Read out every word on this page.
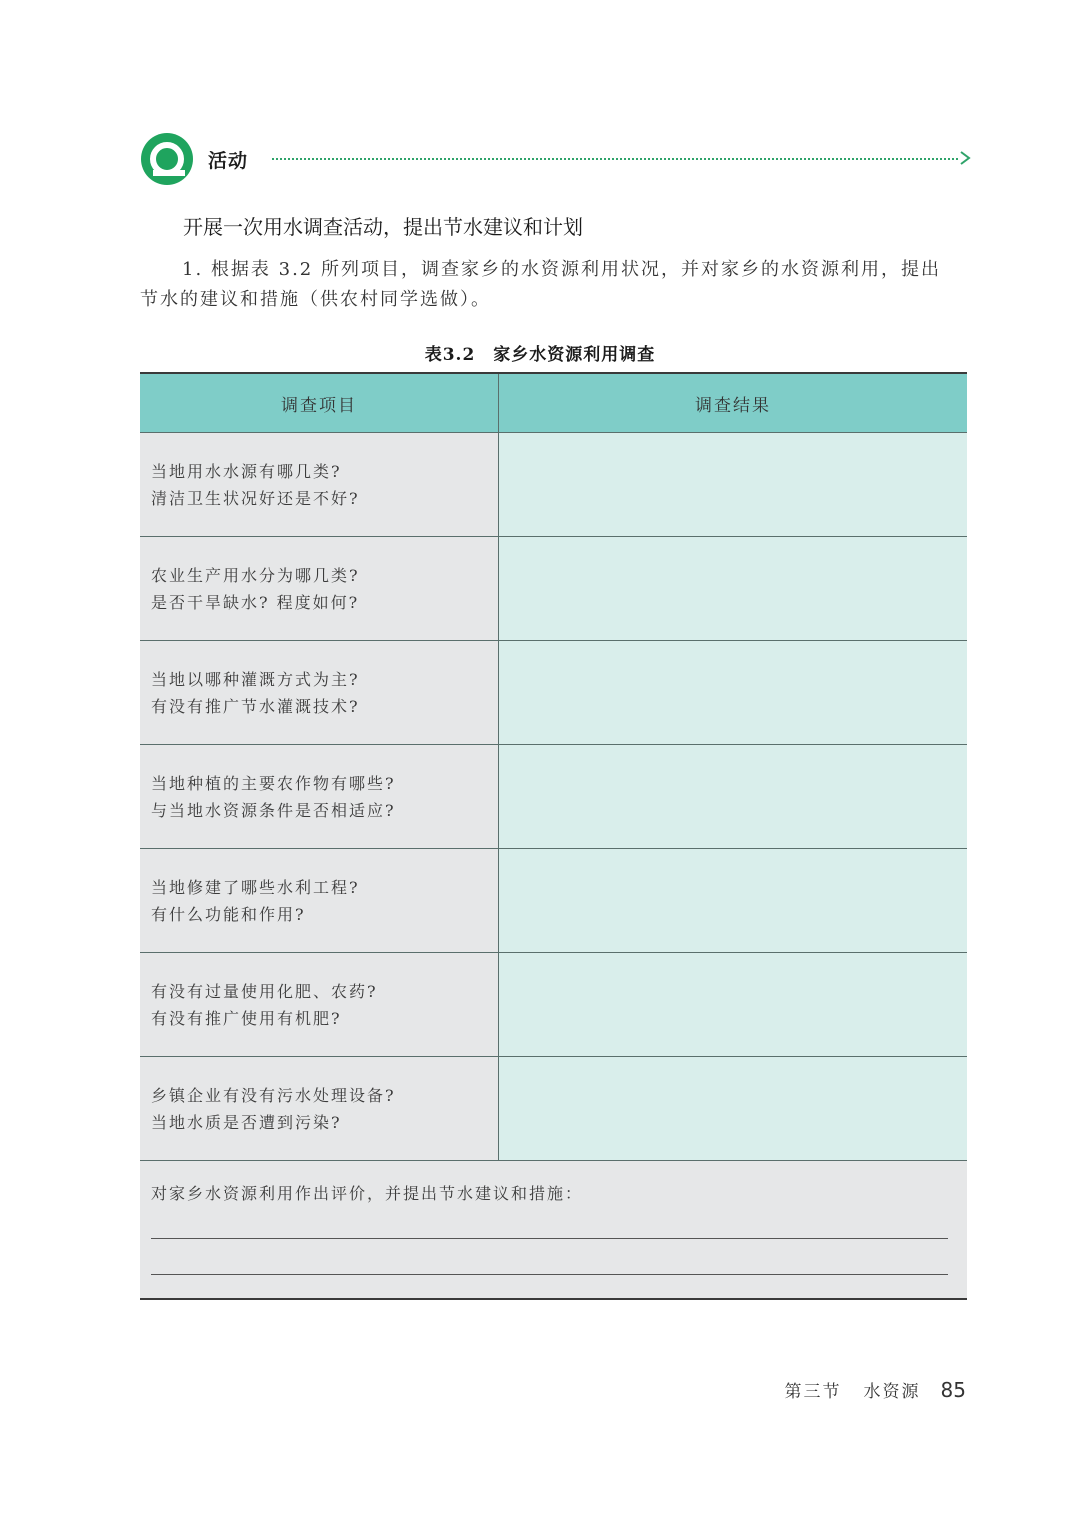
活动
开展一次用水调查活动，提出节水建议和计划
1. 根据表 3.2 所列项目，调查家乡的水资源利用状况，并对家乡的水资源利用，提出
节水的建议和措施（供农村同学选做）。
表3.2 家乡水资源利用调查
调查项目	调查结果
当地用水水源有哪几类?
清洁卫生状况好还是不好?
农业生产用水分为哪几类?
是否干旱缺水? 程度如何?
当地以哪种灌溉方式为主?
有没有推广节水灌溉技术?
当地种植的主要农作物有哪些?
与当地水资源条件是否相适应?
当地修建了哪些水利工程?
有什么功能和作用?
有没有过量使用化肥、农药?
有没有推广使用有机肥?
乡镇企业有没有污水处理设备?
当地水质是否遭到污染?
对家乡水资源利用作出评价，并提出节水建议和措施：
第三节 水资源 85
